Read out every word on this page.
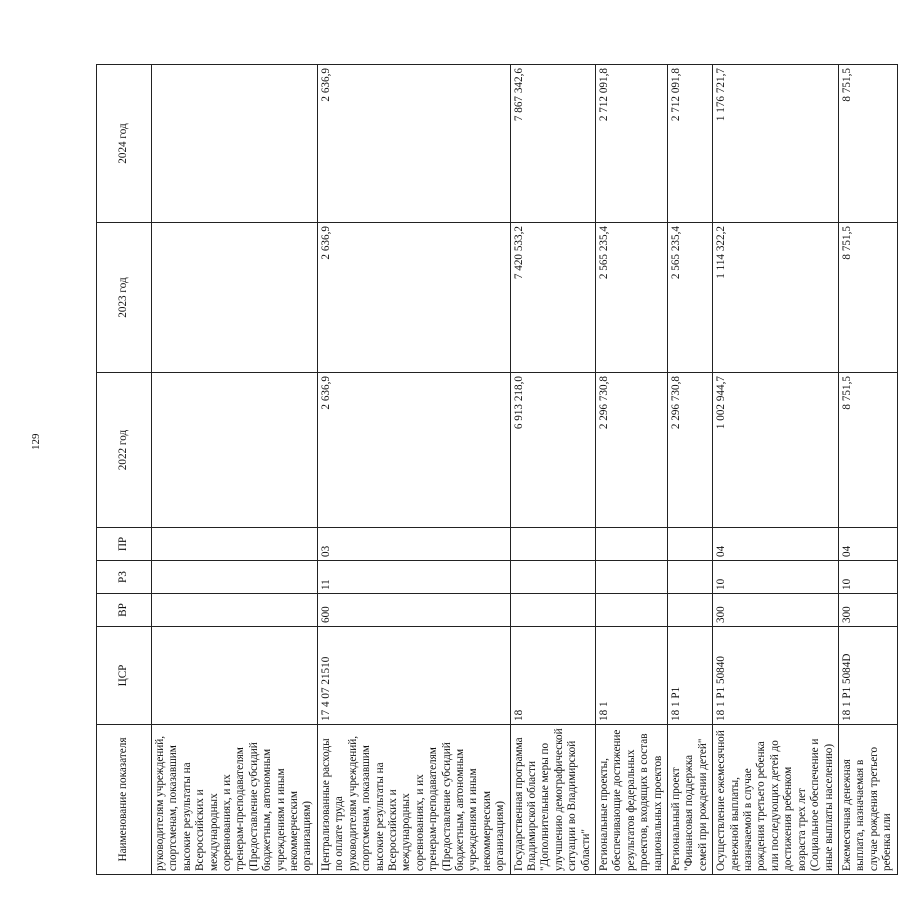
129
Наименование показателя	ЦСР	ВР	РЗ	ПР	2022 год	2023 год	2024 год
руководителям учреждений, спортсменам, показавшим высокие результаты на Всероссийских и международных соревнованиях, и их тренерам-преподавателям (Предоставление субсидий бюджетным, автономным учреждениям и иным некоммерческим организациям)							
Централизованные расходы по оплате труда руководителям учреждений, спортсменам, показавшим высокие результаты на Всероссийских и международных соревнованиях, и их тренерам-преподавателям (Предоставление субсидий бюджетным, автономным учреждениям и иным некоммерческим организациям)	17 4 07 21510	600	11	03	2 636,9	2 636,9	2 636,9
Государственная программа Владимирской области "Дополнительные меры по улучшению демографической ситуации во Владимирской области"	18				6 913 218,0	7 420 533,2	7 867 342,6
Региональные проекты, обеспечивающие достижение результатов федеральных проектов, входящих в состав национальных проектов	18 1				2 296 730,8	2 565 235,4	2 712 091,8
Региональный проект "Финансовая поддержка семей при рождении детей"	18 1 P1				2 296 730,8	2 565 235,4	2 712 091,8
Осуществление ежемесячной денежной выплаты, назначаемой в случае рождения третьего ребенка или последующих детей до достижения ребенком возраста трех лет (Социальное обеспечение и иные выплаты населению)	18 1 P1 50840	300	10	04	1 002 944,7	1 114 322,2	1 176 721,7
Ежемесячная денежная выплата, назначаемая в случае рождения третьего ребенка или	18 1 P1 5084D	300	10	04	8 751,5	8 751,5	8 751,5
